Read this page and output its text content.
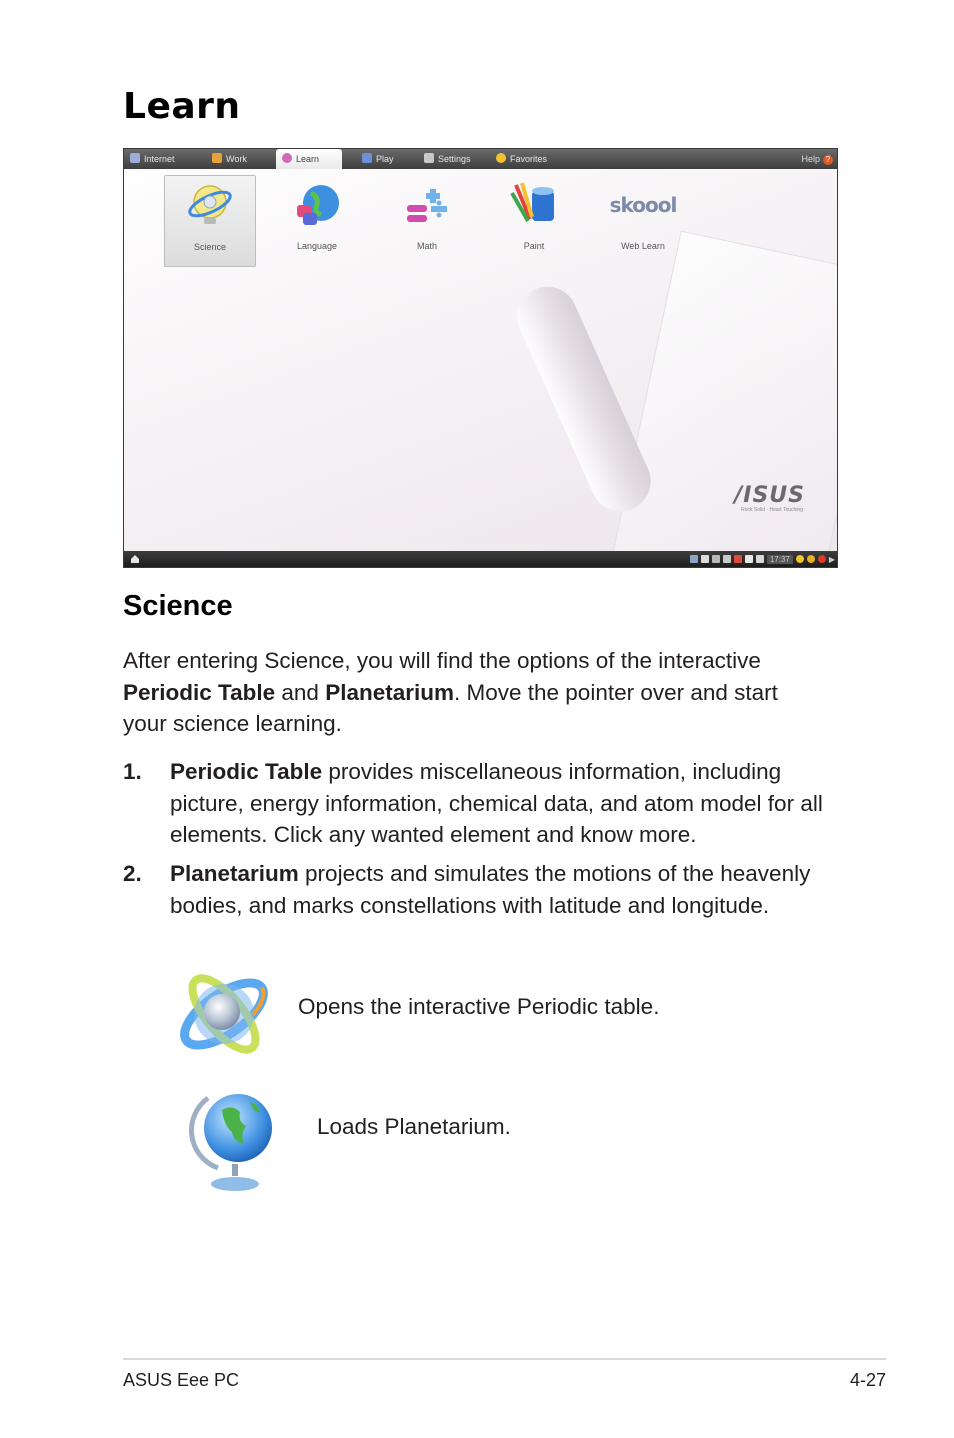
Learn
Internet	Work	Learn	Play	Settings	Favorites	Help ?
Science	Language	Math	Paint
skoool
Web Learn
/ISUS
Rock Solid · Heart Touching
17:37	▶
Science

After entering Science, you will find the options of the interactive Periodic Table and Planetarium. Move the pointer over and start your science learning.

1. Periodic Table provides miscellaneous information, including picture, energy information, chemical data, and atom model for all elements. Click any wanted element and know more.
2. Planetarium projects and simulates the motions of the heavenly bodies, and marks constellations with latitude and longitude.
Opens the interactive Periodic table.
Loads Planetarium.
ASUS Eee PC	4-27
